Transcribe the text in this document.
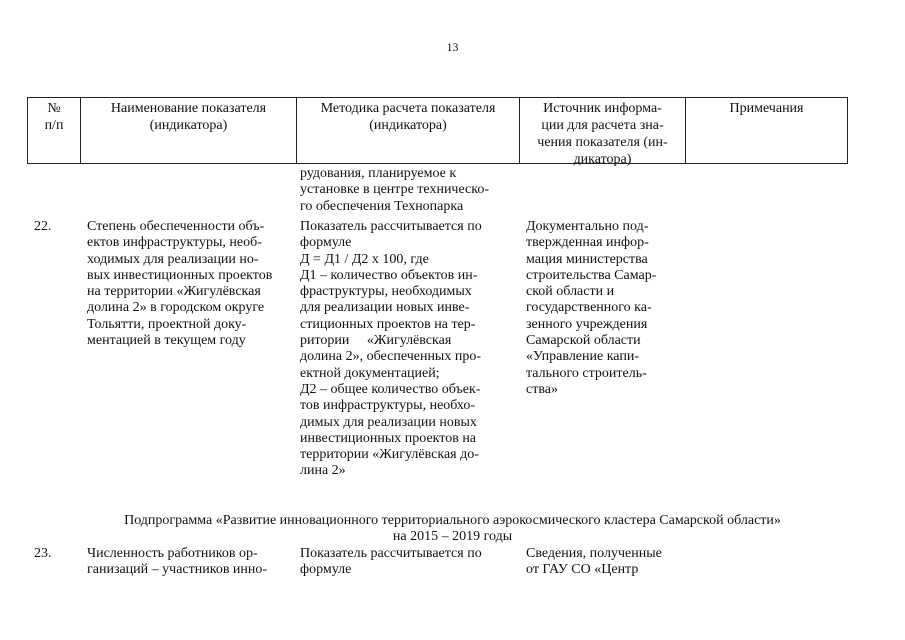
13
№
п/п
Наименование показателя
(индикатора)
Методика расчета показателя
(индикатора)
Источник информа-
ции для расчета зна-
чения показателя (ин-
дикатора)
Примечания
рудования, планируемое к
установке в центре техническо-
го обеспечения Технопарка
22.	Степень обеспеченности объ-
ектов инфраструктуры, необ-
ходимых для реализации но-
вых инвестиционных проектов
на территории «Жигулёвская
долина 2» в городском округе
Тольятти, проектной доку-
ментацией в текущем году
Показатель рассчитывается по
формуле
Д = Д1 / Д2 х 100, где
Д1 – количество объектов ин-
фраструктуры, необходимых
для реализации новых инве-
стиционных проектов на тер-
ритории     «Жигулёвская
долина 2», обеспеченных про-
ектной документацией;
Д2 – общее количество объек-
тов инфраструктуры, необхо-
димых для реализации новых
инвестиционных проектов на
территории «Жигулёвская до-
лина 2»
Документально под-
твержденная инфор-
мация министерства
строительства Самар-
ской области и
государственного ка-
зенного учреждения
Самарской области
«Управление капи-
тального строитель-
ства»
Подпрограмма «Развитие инновационного территориального аэрокосмического кластера Самарской области»
на 2015 – 2019 годы
23.	Численность работников ор-
ганизаций – участников инно-
Показатель рассчитывается по
формуле
Сведения, полученные
от ГАУ СО «Центр
